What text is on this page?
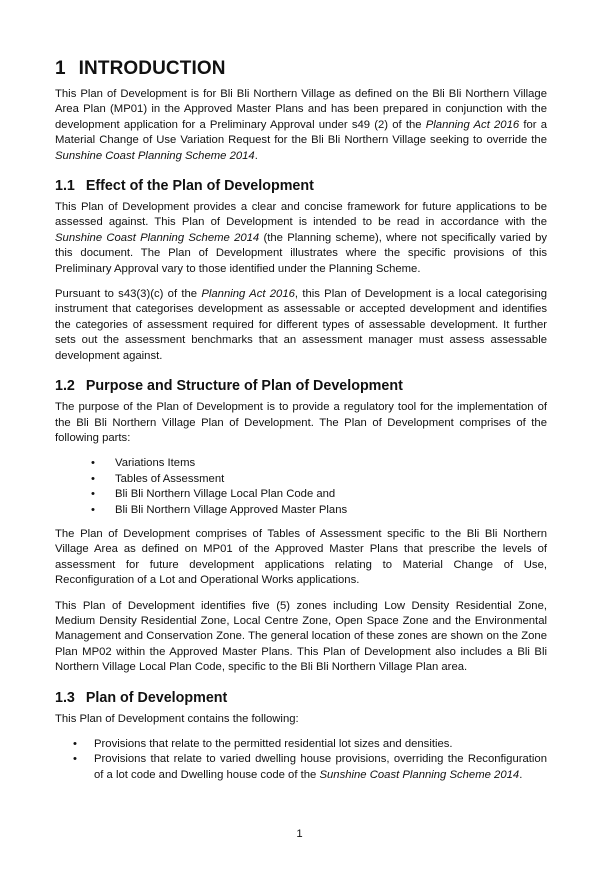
1 INTRODUCTION

This Plan of Development is for Bli Bli Northern Village as defined on the Bli Bli Northern Village Area Plan (MP01) in the Approved Master Plans and has been prepared in conjunction with the development application for a Preliminary Approval under s49 (2) of the Planning Act 2016 for a Material Change of Use Variation Request for the Bli Bli Northern Village seeking to override the Sunshine Coast Planning Scheme 2014.

1.1 Effect of the Plan of Development

This Plan of Development provides a clear and concise framework for future applications to be assessed against. This Plan of Development is intended to be read in accordance with the Sunshine Coast Planning Scheme 2014 (the Planning scheme), where not specifically varied by this document. The Plan of Development illustrates where the specific provisions of this Preliminary Approval vary to those identified under the Planning Scheme.

Pursuant to s43(3)(c) of the Planning Act 2016, this Plan of Development is a local categorising instrument that categorises development as assessable or accepted development and identifies the categories of assessment required for different types of assessable development. It further sets out the assessment benchmarks that an assessment manager must assess assessable development against.

1.2 Purpose and Structure of Plan of Development

The purpose of the Plan of Development is to provide a regulatory tool for the implementation of the Bli Bli Northern Village Plan of Development. The Plan of Development comprises of the following parts:

• Variations Items
• Tables of Assessment
• Bli Bli Northern Village Local Plan Code and
• Bli Bli Northern Village Approved Master Plans

The Plan of Development comprises of Tables of Assessment specific to the Bli Bli Northern Village Area as defined on MP01 of the Approved Master Plans that prescribe the levels of assessment for future development applications relating to Material Change of Use, Reconfiguration of a Lot and Operational Works applications.

This Plan of Development identifies five (5) zones including Low Density Residential Zone, Medium Density Residential Zone, Local Centre Zone, Open Space Zone and the Environmental Management and Conservation Zone. The general location of these zones are shown on the Zone Plan MP02 within the Approved Master Plans. This Plan of Development also includes a Bli Bli Northern Village Local Plan Code, specific to the Bli Bli Northern Village Plan area.

1.3 Plan of Development

This Plan of Development contains the following:

• Provisions that relate to the permitted residential lot sizes and densities.
• Provisions that relate to varied dwelling house provisions, overriding the Reconfiguration of a lot code and Dwelling house code of the Sunshine Coast Planning Scheme 2014.
1
